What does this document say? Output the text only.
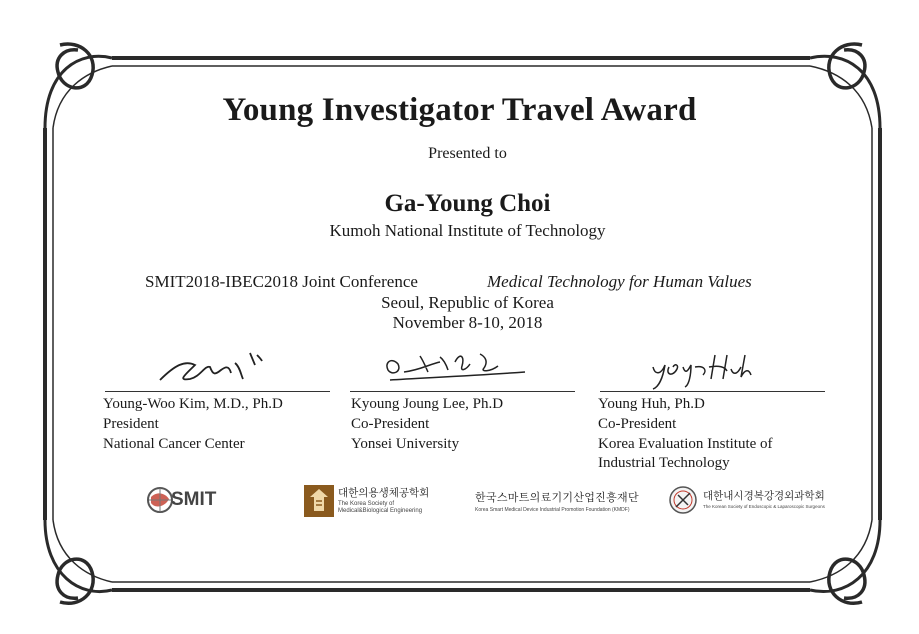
Young Investigator Travel Award
Presented to
Ga-Young Choi
Kumoh National Institute of Technology
SMIT2018-IBEC2018 Joint Conference	Medical Technology for Human Values
Seoul, Republic of Korea
November 8-10, 2018
Young-Woo Kim, M.D., Ph.D
President
National Cancer Center
Kyoung Joung Lee, Ph.D
Co-President
Yonsei University
Young Huh, Ph.D
Co-President
Korea Evaluation Institute of
Industrial Technology
SMIT	대한의용생체공학회
The Korea Society of
Medical&Biological Engineering
한국스마트의료기기산업진흥재단
Korea Smart Medical Device Industrial Promotion Foundation (KMDF)
대한내시경복강경외과학회
The Korean Society of Endoscopic & Laparoscopic Surgeons
